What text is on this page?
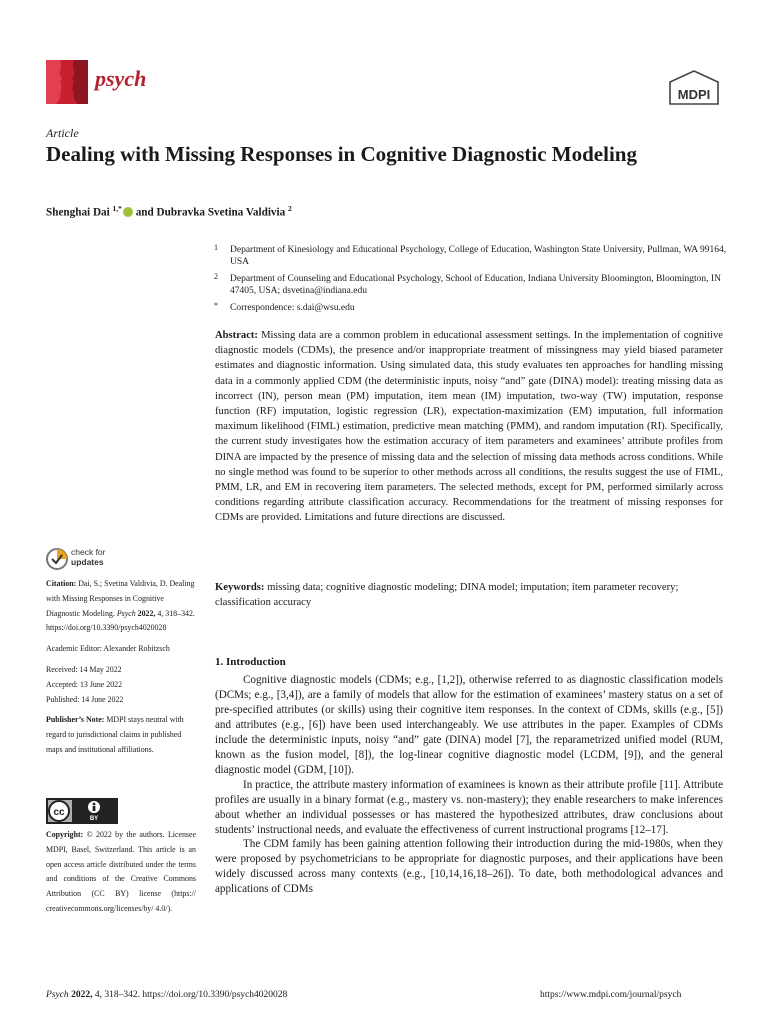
psych
MDPI
Article
Dealing with Missing Responses in Cognitive Diagnostic Modeling
Shenghai Dai $^{1,*}$ and Dubravka Svetina Valdivia $^2$
1 Department of Kinesiology and Educational Psychology, College of Education, Washington State University, Pullman, WA 99164, USA
2 Department of Counseling and Educational Psychology, School of Education, Indiana University Bloomington, Bloomington, IN 47405, USA; dsvetina@indiana.edu
* Correspondence: s.dai@wsu.edu
Abstract: Missing data are a common problem in educational assessment settings. In the implementation of cognitive diagnostic models (CDMs), the presence and/or inappropriate treatment of missingness may yield biased parameter estimates and diagnostic information. Using simulated data, this study evaluates ten approaches for handling missing data in a commonly applied CDM (the deterministic inputs, noisy “and” gate (DINA) model): treating missing data as incorrect (IN), person mean (PM) imputation, item mean (IM) imputation, two-way (TW) imputation, response function (RF) imputation, logistic regression (LR), expectation-maximization (EM) imputation, full information maximum likelihood (FIML) estimation, predictive mean matching (PMM), and random imputation (RI). Specifically, the current study investigates how the estimation accuracy of item parameters and examinees’ attribute profiles from DINA are impacted by the presence of missing data and the selection of missing data methods across conditions. While no single method was found to be superior to other methods across all conditions, the results suggest the use of FIML, PMM, LR, and EM in recovering item parameters. The selected methods, except for PM, performed similarly across conditions regarding attribute classification accuracy. Recommendations for the treatment of missing responses for CDMs are provided. Limitations and future directions are discussed.
Keywords: missing data; cognitive diagnostic modeling; DINA model; imputation; item parameter recovery; classification accuracy
check for
updates

Citation: Dai, S.; Svetina Valdivia, D. Dealing with Missing Responses in Cognitive Diagnostic Modeling. Psych 2022, 4, 318–342. https://doi.org/10.3390/psych4020028

Academic Editor: Alexander Robitzsch

Received: 14 May 2022

Accepted: 13 June 2022

Published: 14 June 2022

Publisher’s Note: MDPI stays neutral with regard to jurisdictional claims in published maps and institutional affiliations.

cc
BY
Copyright: © 2022 by the authors. Licensee MDPI, Basel, Switzerland. This article is an open access article distributed under the terms and conditions of the Creative Commons Attribution (CC BY) license (https:// creativecommons.org/licenses/by/ 4.0/).
1. Introduction

Cognitive diagnostic models (CDMs; e.g., [1,2]), otherwise referred to as diagnostic classification models (DCMs; e.g., [3,4]), are a family of models that allow for the estimation of examinees’ mastery status on a set of pre-specified attributes (or skills) using their cognitive item responses. In the context of CDMs, skills (e.g., [5]) and attributes (e.g., [6]) have been used interchangeably. We use attributes in the paper. Examples of CDMs include the deterministic inputs, noisy “and” gate (DINA) model [7], the reparametrized unified model (RUM, known as the fusion model, [8]), the log-linear cognitive diagnostic model (LCDM, [9]), and the general diagnostic model (GDM, [10]).

In practice, the attribute mastery information of examinees is known as their attribute profile [11]. Attribute profiles are usually in a binary format (e.g., mastery vs. non-mastery); they enable researchers to make inferences about whether an individual possesses or has mastered the hypothesized attributes, draw conclusions about students’ instructional needs, and evaluate the effectiveness of current instructional programs [12–17].

The CDM family has been gaining attention following their introduction during the mid-1980s, when they were proposed by psychometricians to be appropriate for diagnostic purposes, and their applications have been widely discussed across many contexts (e.g., [10,14,16,18–26]). To date, both methodological advances and applications of CDMs

Psych 2022, 4, 318–342. https://doi.org/10.3390/psych4020028	https://www.mdpi.com/journal/psych
